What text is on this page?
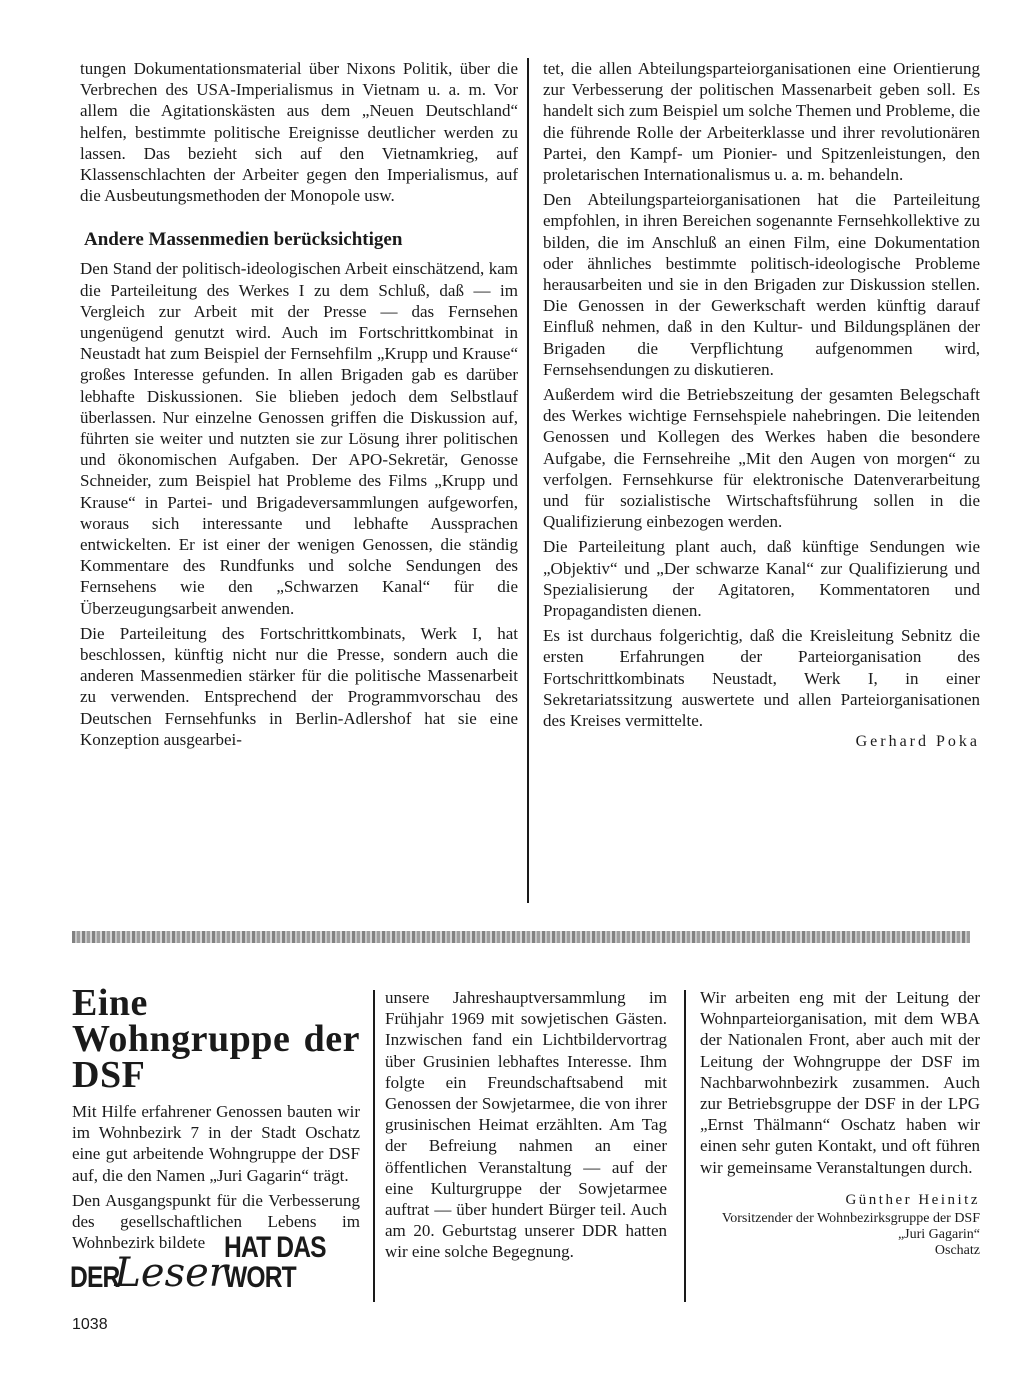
tungen Dokumentationsmaterial über Nixons Politik, über die Verbrechen des USA-Imperialismus in Vietnam u. a. m. Vor allem die Agitationskästen aus dem „Neuen Deutschland“ helfen, bestimmte politische Ereignisse deutlicher werden zu lassen. Das bezieht sich auf den Vietnamkrieg, auf Klassenschlachten der Arbeiter gegen den Imperialismus, auf die Ausbeutungsmethoden der Monopole usw.

Andere Massenmedien berücksichtigen

Den Stand der politisch-ideologischen Arbeit einschätzend, kam die Parteileitung des Werkes I zu dem Schluß, daß — im Vergleich zur Arbeit mit der Presse — das Fernsehen ungenügend genutzt wird. Auch im Fortschrittkombinat in Neustadt hat zum Beispiel der Fernsehfilm „Krupp und Krause“ großes Interesse gefunden. In allen Brigaden gab es darüber lebhafte Diskussionen. Sie blieben jedoch dem Selbstlauf überlassen. Nur einzelne Genossen griffen die Diskussion auf, führten sie weiter und nutzten sie zur Lösung ihrer politischen und ökonomischen Aufgaben. Der APO-Sekretär, Genosse Schneider, zum Beispiel hat Probleme des Films „Krupp und Krause“ in Partei- und Brigadeversammlungen aufgeworfen, woraus sich interessante und lebhafte Aussprachen entwickelten. Er ist einer der wenigen Genossen, die ständig Kommentare des Rundfunks und solche Sendungen des Fernsehens wie den „Schwarzen Kanal“ für die Überzeugungsarbeit anwenden.

Die Parteileitung des Fortschrittkombinats, Werk I, hat beschlossen, künftig nicht nur die Presse, sondern auch die anderen Massenmedien stärker für die politische Massenarbeit zu verwenden. Entsprechend der Programmvorschau des Deutschen Fernsehfunks in Berlin-Adlershof hat sie eine Konzeption ausgearbei-

tet, die allen Abteilungsparteiorganisationen eine Orientierung zur Verbesserung der politischen Massenarbeit geben soll. Es handelt sich zum Beispiel um solche Themen und Probleme, die die führende Rolle der Arbeiterklasse und ihrer revolutionären Partei, den Kampf- um Pionier- und Spitzenleistungen, den proletarischen Internationalismus u. a. m. behandeln.

Den Abteilungsparteiorganisationen hat die Parteileitung empfohlen, in ihren Bereichen sogenannte Fernsehkollektive zu bilden, die im Anschluß an einen Film, eine Dokumentation oder ähnliches bestimmte politisch-ideologische Probleme herausarbeiten und sie in den Brigaden zur Diskussion stellen. Die Genossen in der Gewerkschaft werden künftig darauf Einfluß nehmen, daß in den Kultur- und Bildungsplänen der Brigaden die Verpflichtung aufgenommen wird, Fernsehsendungen zu diskutieren.

Außerdem wird die Betriebszeitung der gesamten Belegschaft des Werkes wichtige Fernsehspiele nahebringen. Die leitenden Genossen und Kollegen des Werkes haben die besondere Aufgabe, die Fernsehreihe „Mit den Augen von morgen“ zu verfolgen. Fernsehkurse für elektronische Datenverarbeitung und für sozialistische Wirtschaftsführung sollen in die Qualifizierung einbezogen werden.

Die Parteileitung plant auch, daß künftige Sendungen wie „Objektiv“ und „Der schwarze Kanal“ zur Qualifizierung und Spezialisierung der Agitatoren, Kommentatoren und Propagandisten dienen.

Es ist durchaus folgerichtig, daß die Kreisleitung Sebnitz die ersten Erfahrungen der Parteiorganisation des Fortschrittkombinats Neustadt, Werk I, in einer Sekretariatssitzung auswertete und allen Parteiorganisationen des Kreises vermittelte.

Gerhard Poka
Eine Wohngruppe der DSF

Mit Hilfe erfahrener Genossen bauten wir im Wohnbezirk 7 in der Stadt Oschatz eine gut arbeitende Wohngruppe der DSF auf, die den Namen „Juri Gagarin“ trägt.

Den Ausgangspunkt für die Verbesserung des gesellschaftlichen Lebens im Wohnbezirk bildete

DER
Leser
HAT DAS WORT
1038

unsere Jahreshauptversammlung im Frühjahr 1969 mit sowjetischen Gästen. Inzwischen fand ein Lichtbildervortrag über Grusinien lebhaftes Interesse. Ihm folgte ein Freundschaftsabend mit Genossen der Sowjetarmee, die von ihrer grusinischen Heimat erzählten. Am Tag der Befreiung nahmen an einer öffentlichen Veranstaltung — auf der eine Kulturgruppe der Sowjetarmee auftrat — über hundert Bürger teil. Auch am 20. Geburtstag unserer DDR hatten wir eine solche Begegnung.

Wir arbeiten eng mit der Leitung der Wohnparteiorganisation, mit dem WBA der Nationalen Front, aber auch mit der Leitung der Wohngruppe der DSF im Nachbarwohnbezirk zusammen. Auch zur Betriebsgruppe der DSF in der LPG „Ernst Thälmann“ Oschatz haben wir einen sehr guten Kontakt, und oft führen wir gemeinsame Veranstaltungen durch.

Günther Heinitz
Vorsitzender der Wohnbezirksgruppe der DSF „Juri Gagarin“
Oschatz
